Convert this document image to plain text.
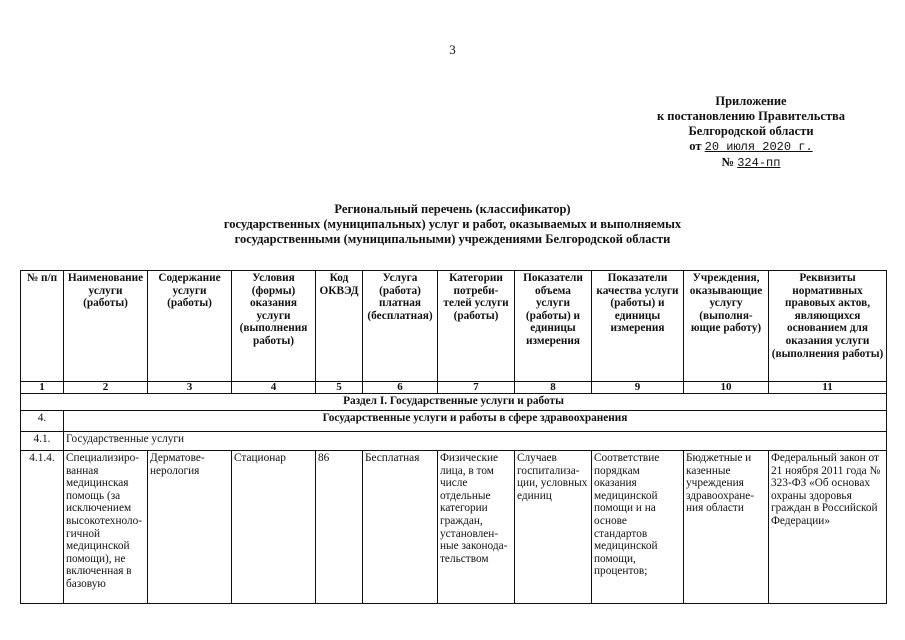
3
Приложение
к постановлению Правительства
Белгородской области
от 20 июля 2020 г.
№ 324-пп
Региональный перечень (классификатор)
государственных (муниципальных) услуг и работ, оказываемых и выполняемых
государственными (муниципальными) учреждениями Белгородской области
№ п/п	Наименование услуги (работы)	Содержание услуги (работы)	Условия (формы) оказания услуги (выполнения работы)	Код ОКВЭД	Услуга (работа) платная (бесплатная)	Категории потреби-телей услуги (работы)	Показатели объема услуги (работы) и единицы измерения	Показатели качества услуги (работы) и единицы измерения	Учреждения, оказывающие услугу (выполня-ющие работу)	Реквизиты нормативных правовых актов, являющихся основанием для оказания услуги (выполнения работы)
1	2	3	4	5	6	7	8	9	10	11
Раздел I. Государственные услуги и работы										
4.	Государственные услуги и работы в сфере здравоохранения									
4.1.	Государственные услуги									
4.1.4.	Специализиро-ванная медицинская помощь (за исключением высокотехноло-гичной медицинской помощи), не включенная в базовую	Дерматове-нерология	Стационар	86	Бесплатная	Физические лица, в том числе отдельные категории граждан, установлен-ные законода-тельством	Случаев госпитализа-ции, условных единиц	Соответствие порядкам оказания медицинской помощи и на основе стандартов медицинской помощи, процентов;	Бюджетные и казенные учреждения здравоохране-ния области	Федеральный закон от 21 ноября 2011 года № 323-ФЗ «Об основах охраны здоровья граждан в Российской Федерации»
